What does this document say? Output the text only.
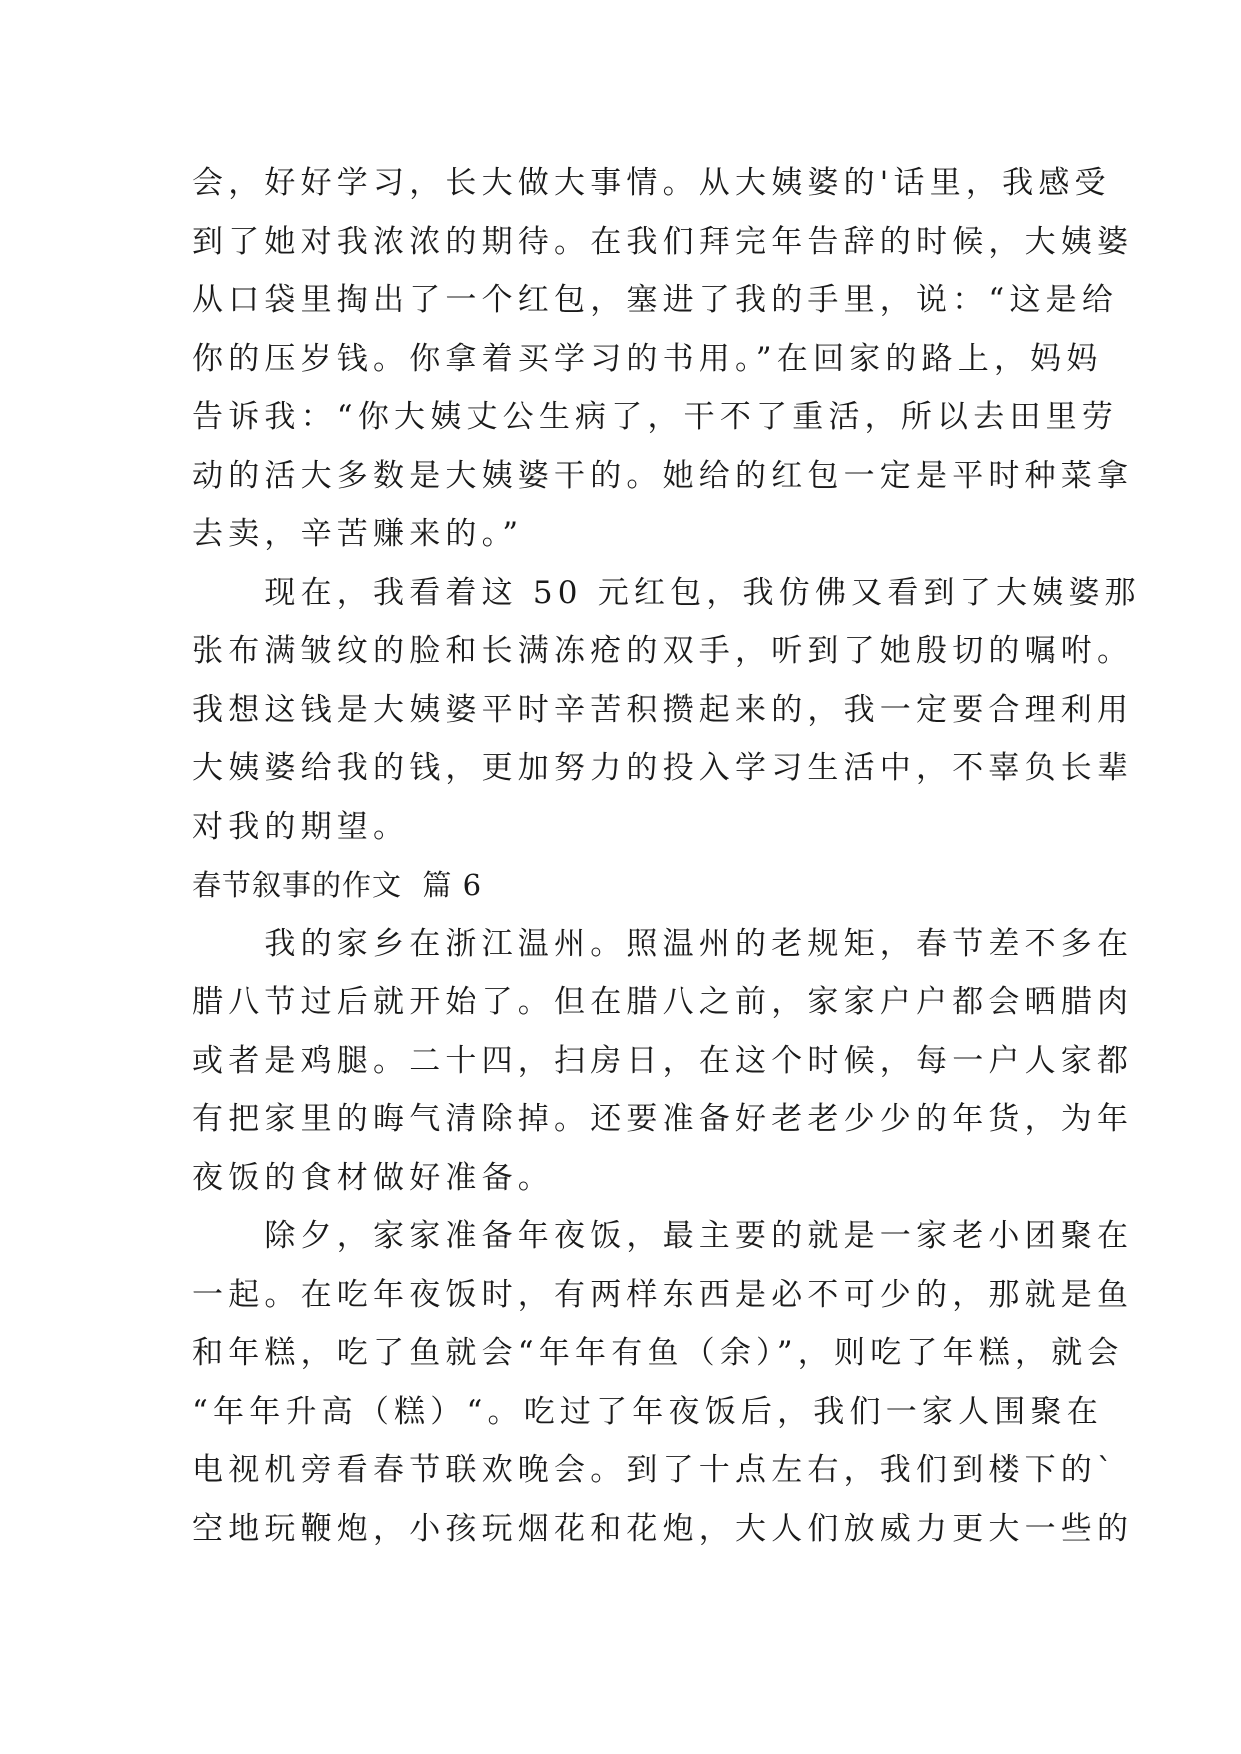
会，好好学习，长大做大事情。从大姨婆的'话里，我感受
到了她对我浓浓的期待。在我们拜完年告辞的时候，大姨婆
从口袋里掏出了一个红包，塞进了我的手里，说：“这是给
你的压岁钱。你拿着买学习的书用。”在回家的路上，妈妈
告诉我：“你大姨丈公生病了，干不了重活，所以去田里劳
动的活大多数是大姨婆干的。她给的红包一定是平时种菜拿
去卖，辛苦赚来的。”
　　现在，我看着这 50 元红包，我仿佛又看到了大姨婆那
张布满皱纹的脸和长满冻疮的双手，听到了她殷切的嘱咐。
我想这钱是大姨婆平时辛苦积攒起来的，我一定要合理利用
大姨婆给我的钱，更加努力的投入学习生活中，不辜负长辈
对我的期望。
春节叙事的作文  篇 6
　　我的家乡在浙江温州。照温州的老规矩，春节差不多在
腊八节过后就开始了。但在腊八之前，家家户户都会晒腊肉
或者是鸡腿。二十四，扫房日，在这个时候，每一户人家都
有把家里的晦气清除掉。还要准备好老老少少的年货，为年
夜饭的食材做好准备。
　　除夕，家家准备年夜饭，最主要的就是一家老小团聚在
一起。在吃年夜饭时，有两样东西是必不可少的，那就是鱼
和年糕，吃了鱼就会“年年有鱼（余）”，则吃了年糕，就会
“年年升高（糕）“。吃过了年夜饭后，我们一家人围聚在
电视机旁看春节联欢晚会。到了十点左右，我们到楼下的`
空地玩鞭炮，小孩玩烟花和花炮，大人们放威力更大一些的
